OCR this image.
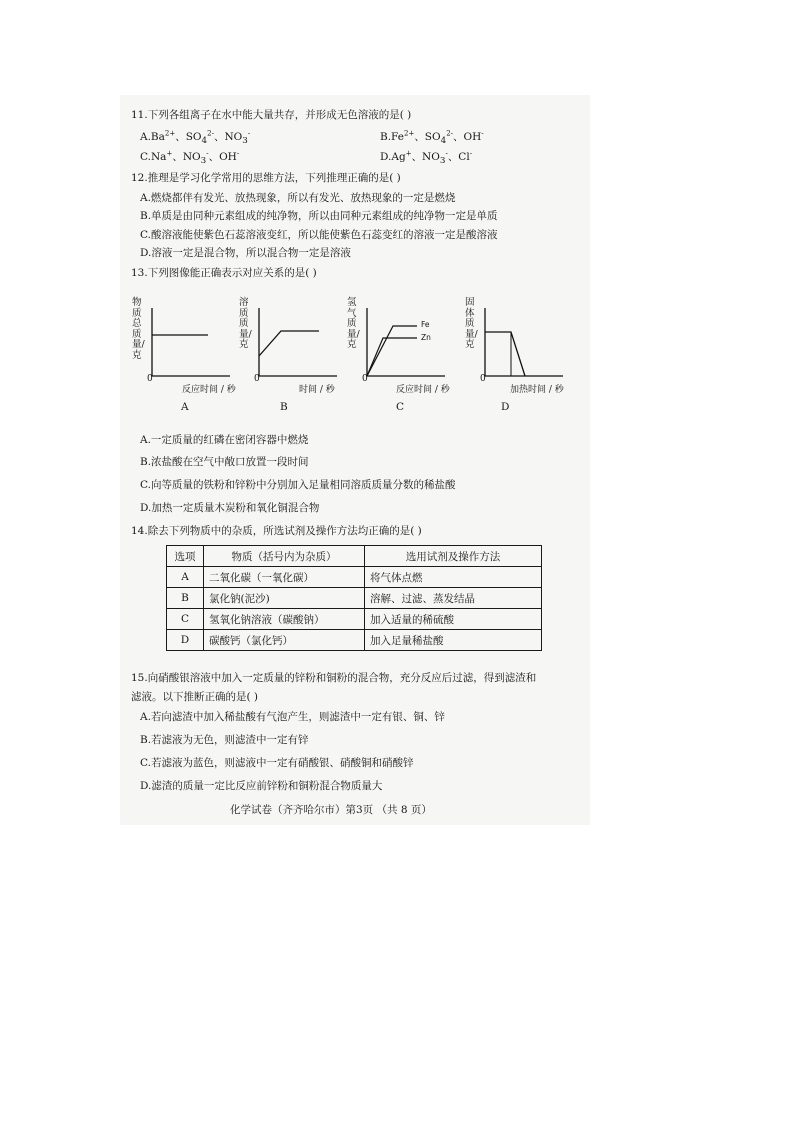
11.下列各组离子在水中能大量共存，并形成无色溶液的是( )
$A.Ba^{2+}$、$SO_4^{2-}$、$NO_3^-$	$B.Fe^{2+}$、$SO_4^{2-}$、OH-
C.Na+、$NO_3^-$、OH-	D.Ag+、$NO_3^-$、Cl-
12.推理是学习化学常用的思维方法，下列推理正确的是( )
A.燃烧都伴有发光、放热现象，所以有发光、放热现象的一定是燃烧
B.单质是由同种元素组成的纯净物，所以由同种元素组成的纯净物一定是单质
C.酸溶液能使紫色石蕊溶液变红，所以能使紫色石蕊变红的溶液一定是酸溶液
D.溶液一定是混合物，所以混合物一定是溶液
13.下列图像能正确表示对应关系的是( )
物质总质量/克
0
反应时间 / 秒
A
溶质质量/克
0
时间 / 秒
B
氢气质量/克
Fe
Zn
0
反应时间 / 秒
C
固体质量/克
0
加热时间 / 秒
D
A.一定质量的红磷在密闭容器中燃烧
B.浓盐酸在空气中敞口放置一段时间
C.向等质量的铁粉和锌粉中分别加入足量相同溶质质量分数的稀盐酸
D.加热一定质量木炭粉和氧化铜混合物
14.除去下列物质中的杂质，所选试剂及操作方法均正确的是( )
选项	物质（括号内为杂质）	选用试剂及操作方法
A	二氧化碳（一氧化碳）	将气体点燃
B	氯化钠(泥沙)	溶解、过滤、蒸发结晶
C	氢氧化钠溶液（碳酸钠）	加入适量的稀硫酸
D	碳酸钙（氯化钙）	加入足量稀盐酸
15.向硝酸银溶液中加入一定质量的锌粉和铜粉的混合物，充分反应后过滤，得到滤渣和
滤液。以下推断正确的是( )
A.若向滤渣中加入稀盐酸有气泡产生，则滤渣中一定有银、铜、锌
B.若滤液为无色，则滤渣中一定有锌
C.若滤液为蓝色，则滤液中一定有硝酸银、硝酸铜和硝酸锌
D.滤渣的质量一定比反应前锌粉和铜粉混合物质量大
化学试卷（齐齐哈尔市）第3页 （共 8 页）
